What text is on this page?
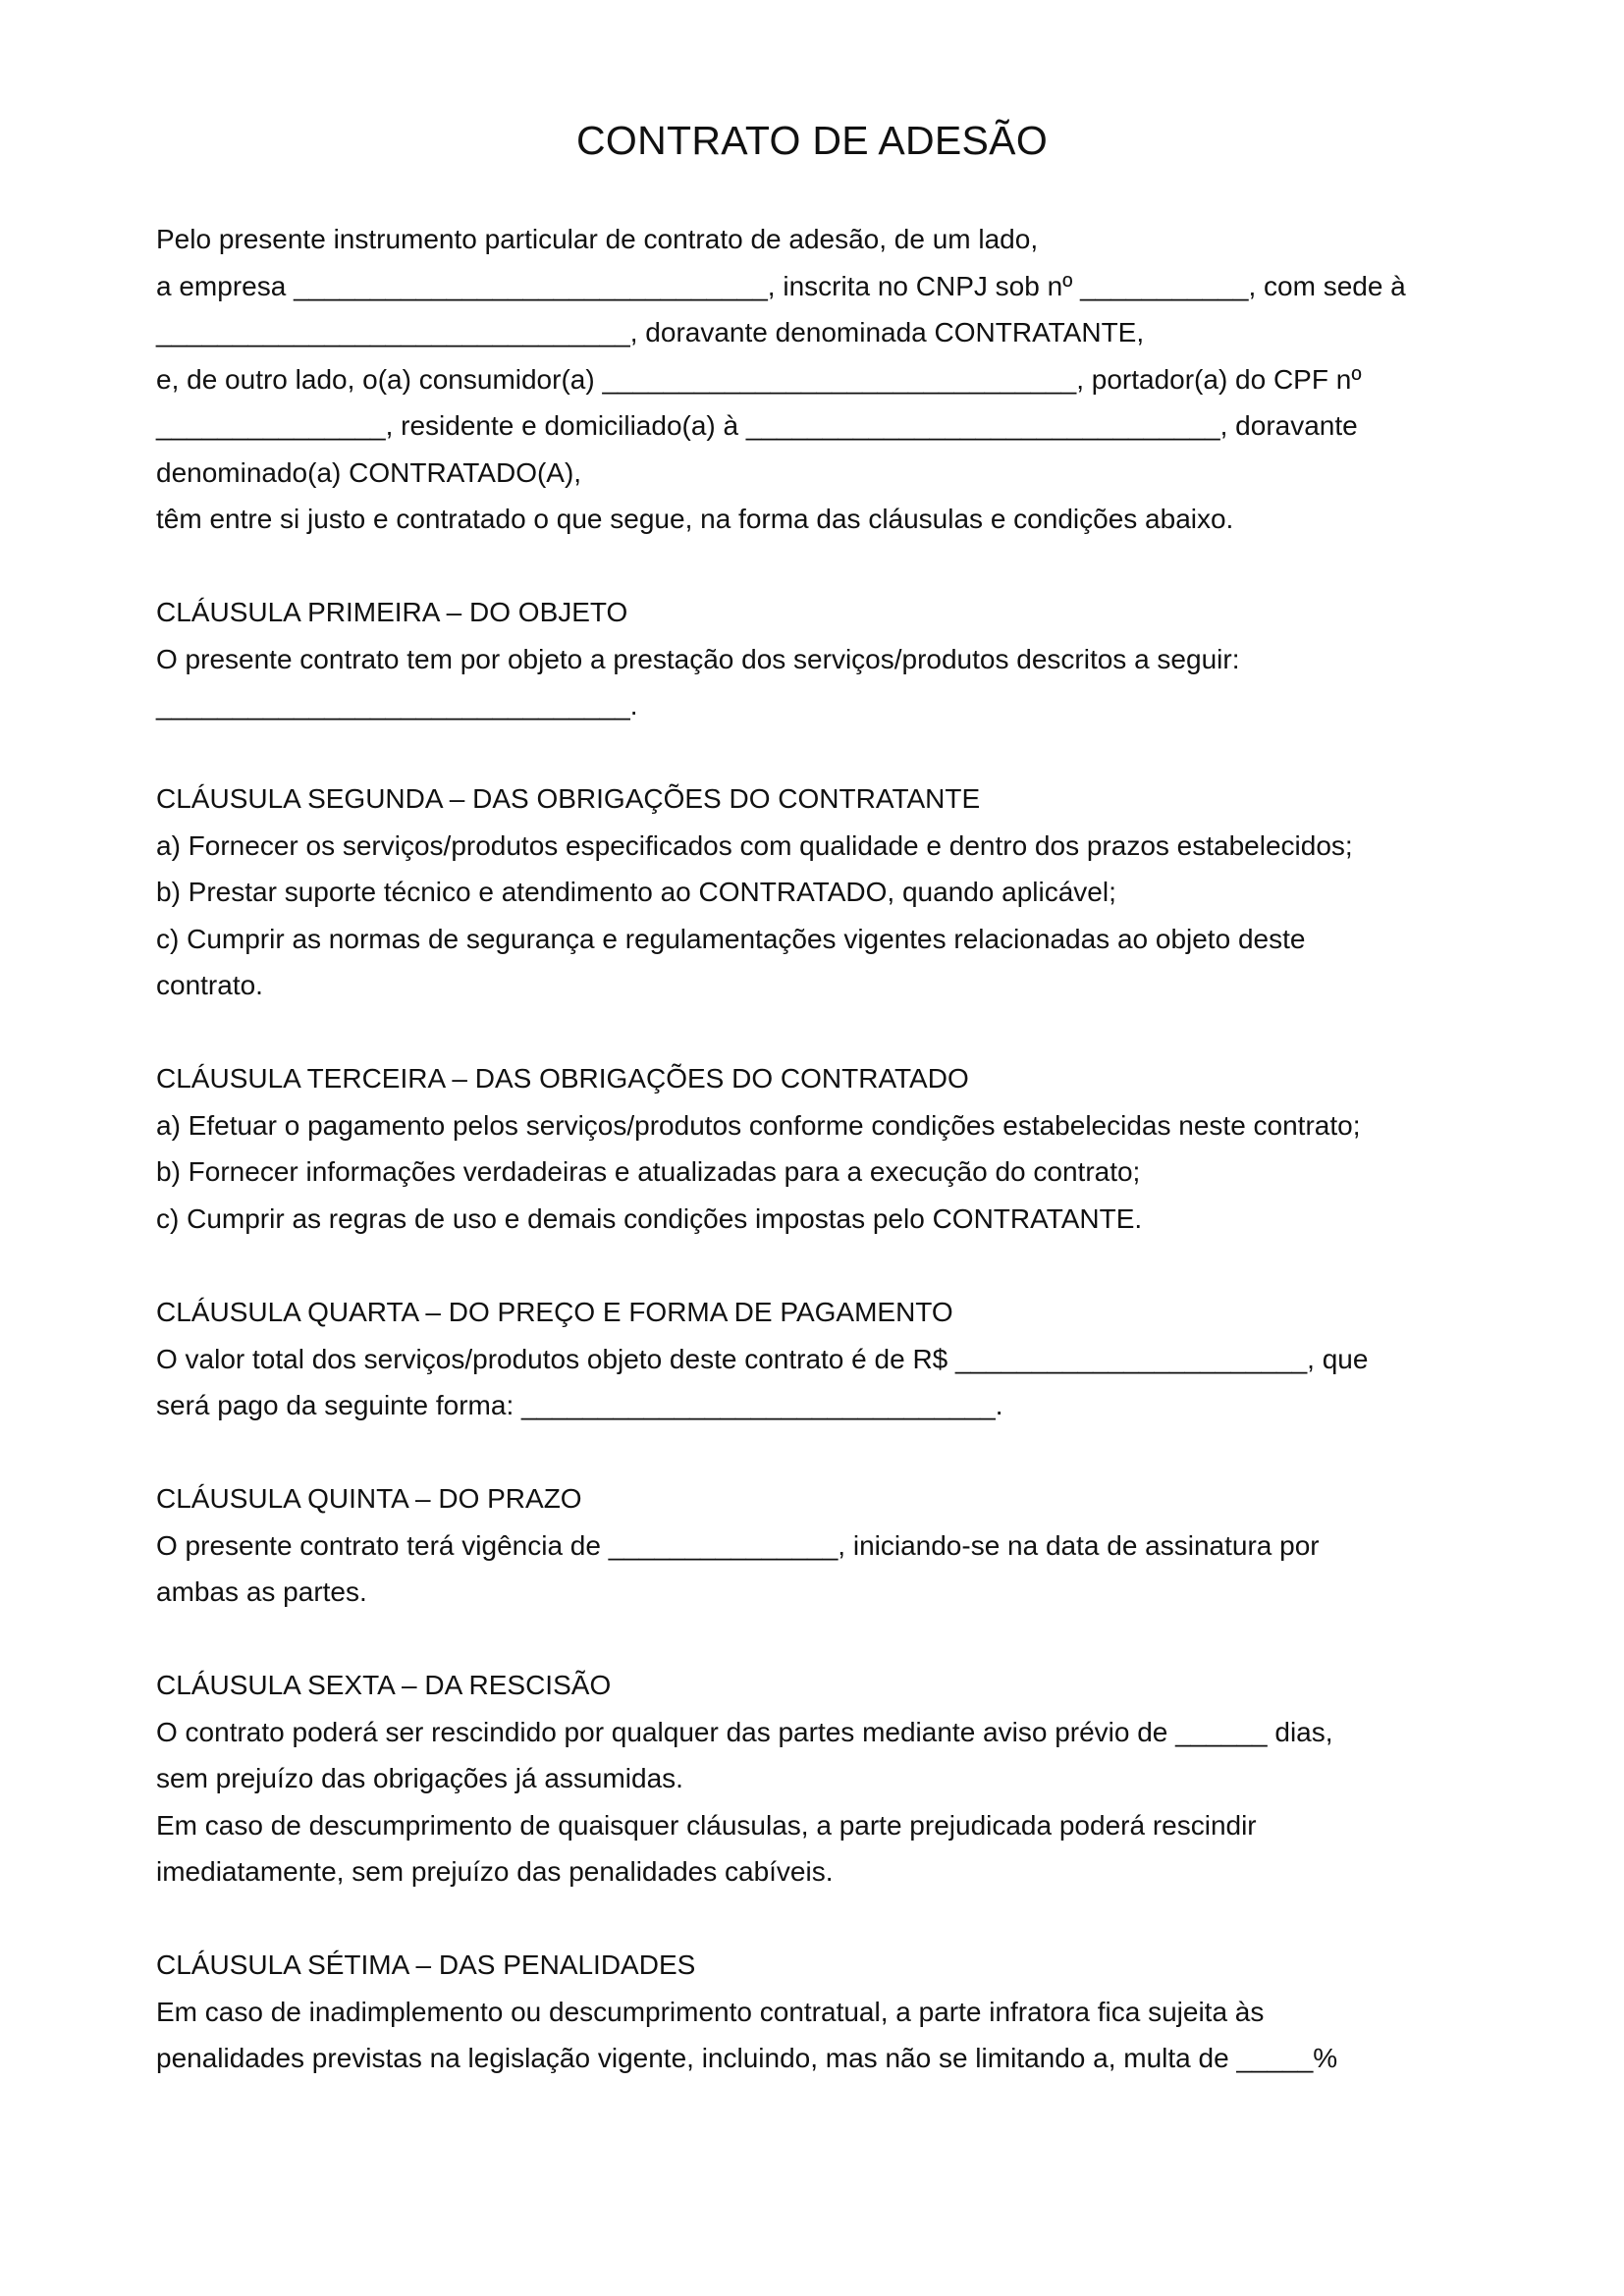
CONTRATO DE ADESÃO
Pelo presente instrumento particular de contrato de adesão, de um lado,
a empresa _______________________________, inscrita no CNPJ sob nº ___________, com sede à
_______________________________, doravante denominada CONTRATANTE,
e, de outro lado, o(a) consumidor(a) _______________________________, portador(a) do CPF nº
_______________, residente e domiciliado(a) à _______________________________, doravante
denominado(a) CONTRATADO(A),
têm entre si justo e contratado o que segue, na forma das cláusulas e condições abaixo.
CLÁUSULA PRIMEIRA – DO OBJETO
O presente contrato tem por objeto a prestação dos serviços/produtos descritos a seguir:
_______________________________.
CLÁUSULA SEGUNDA – DAS OBRIGAÇÕES DO CONTRATANTE
a) Fornecer os serviços/produtos especificados com qualidade e dentro dos prazos estabelecidos;
b) Prestar suporte técnico e atendimento ao CONTRATADO, quando aplicável;
c) Cumprir as normas de segurança e regulamentações vigentes relacionadas ao objeto deste
contrato.
CLÁUSULA TERCEIRA – DAS OBRIGAÇÕES DO CONTRATADO
a) Efetuar o pagamento pelos serviços/produtos conforme condições estabelecidas neste contrato;
b) Fornecer informações verdadeiras e atualizadas para a execução do contrato;
c) Cumprir as regras de uso e demais condições impostas pelo CONTRATANTE.
CLÁUSULA QUARTA – DO PREÇO E FORMA DE PAGAMENTO
O valor total dos serviços/produtos objeto deste contrato é de R$ _______________________, que
será pago da seguinte forma: _______________________________.
CLÁUSULA QUINTA – DO PRAZO
O presente contrato terá vigência de _______________, iniciando-se na data de assinatura por
ambas as partes.
CLÁUSULA SEXTA – DA RESCISÃO
O contrato poderá ser rescindido por qualquer das partes mediante aviso prévio de ______ dias,
sem prejuízo das obrigações já assumidas.
Em caso de descumprimento de quaisquer cláusulas, a parte prejudicada poderá rescindir
imediatamente, sem prejuízo das penalidades cabíveis.
CLÁUSULA SÉTIMA – DAS PENALIDADES
Em caso de inadimplemento ou descumprimento contratual, a parte infratora fica sujeita às
penalidades previstas na legislação vigente, incluindo, mas não se limitando a, multa de _____%
